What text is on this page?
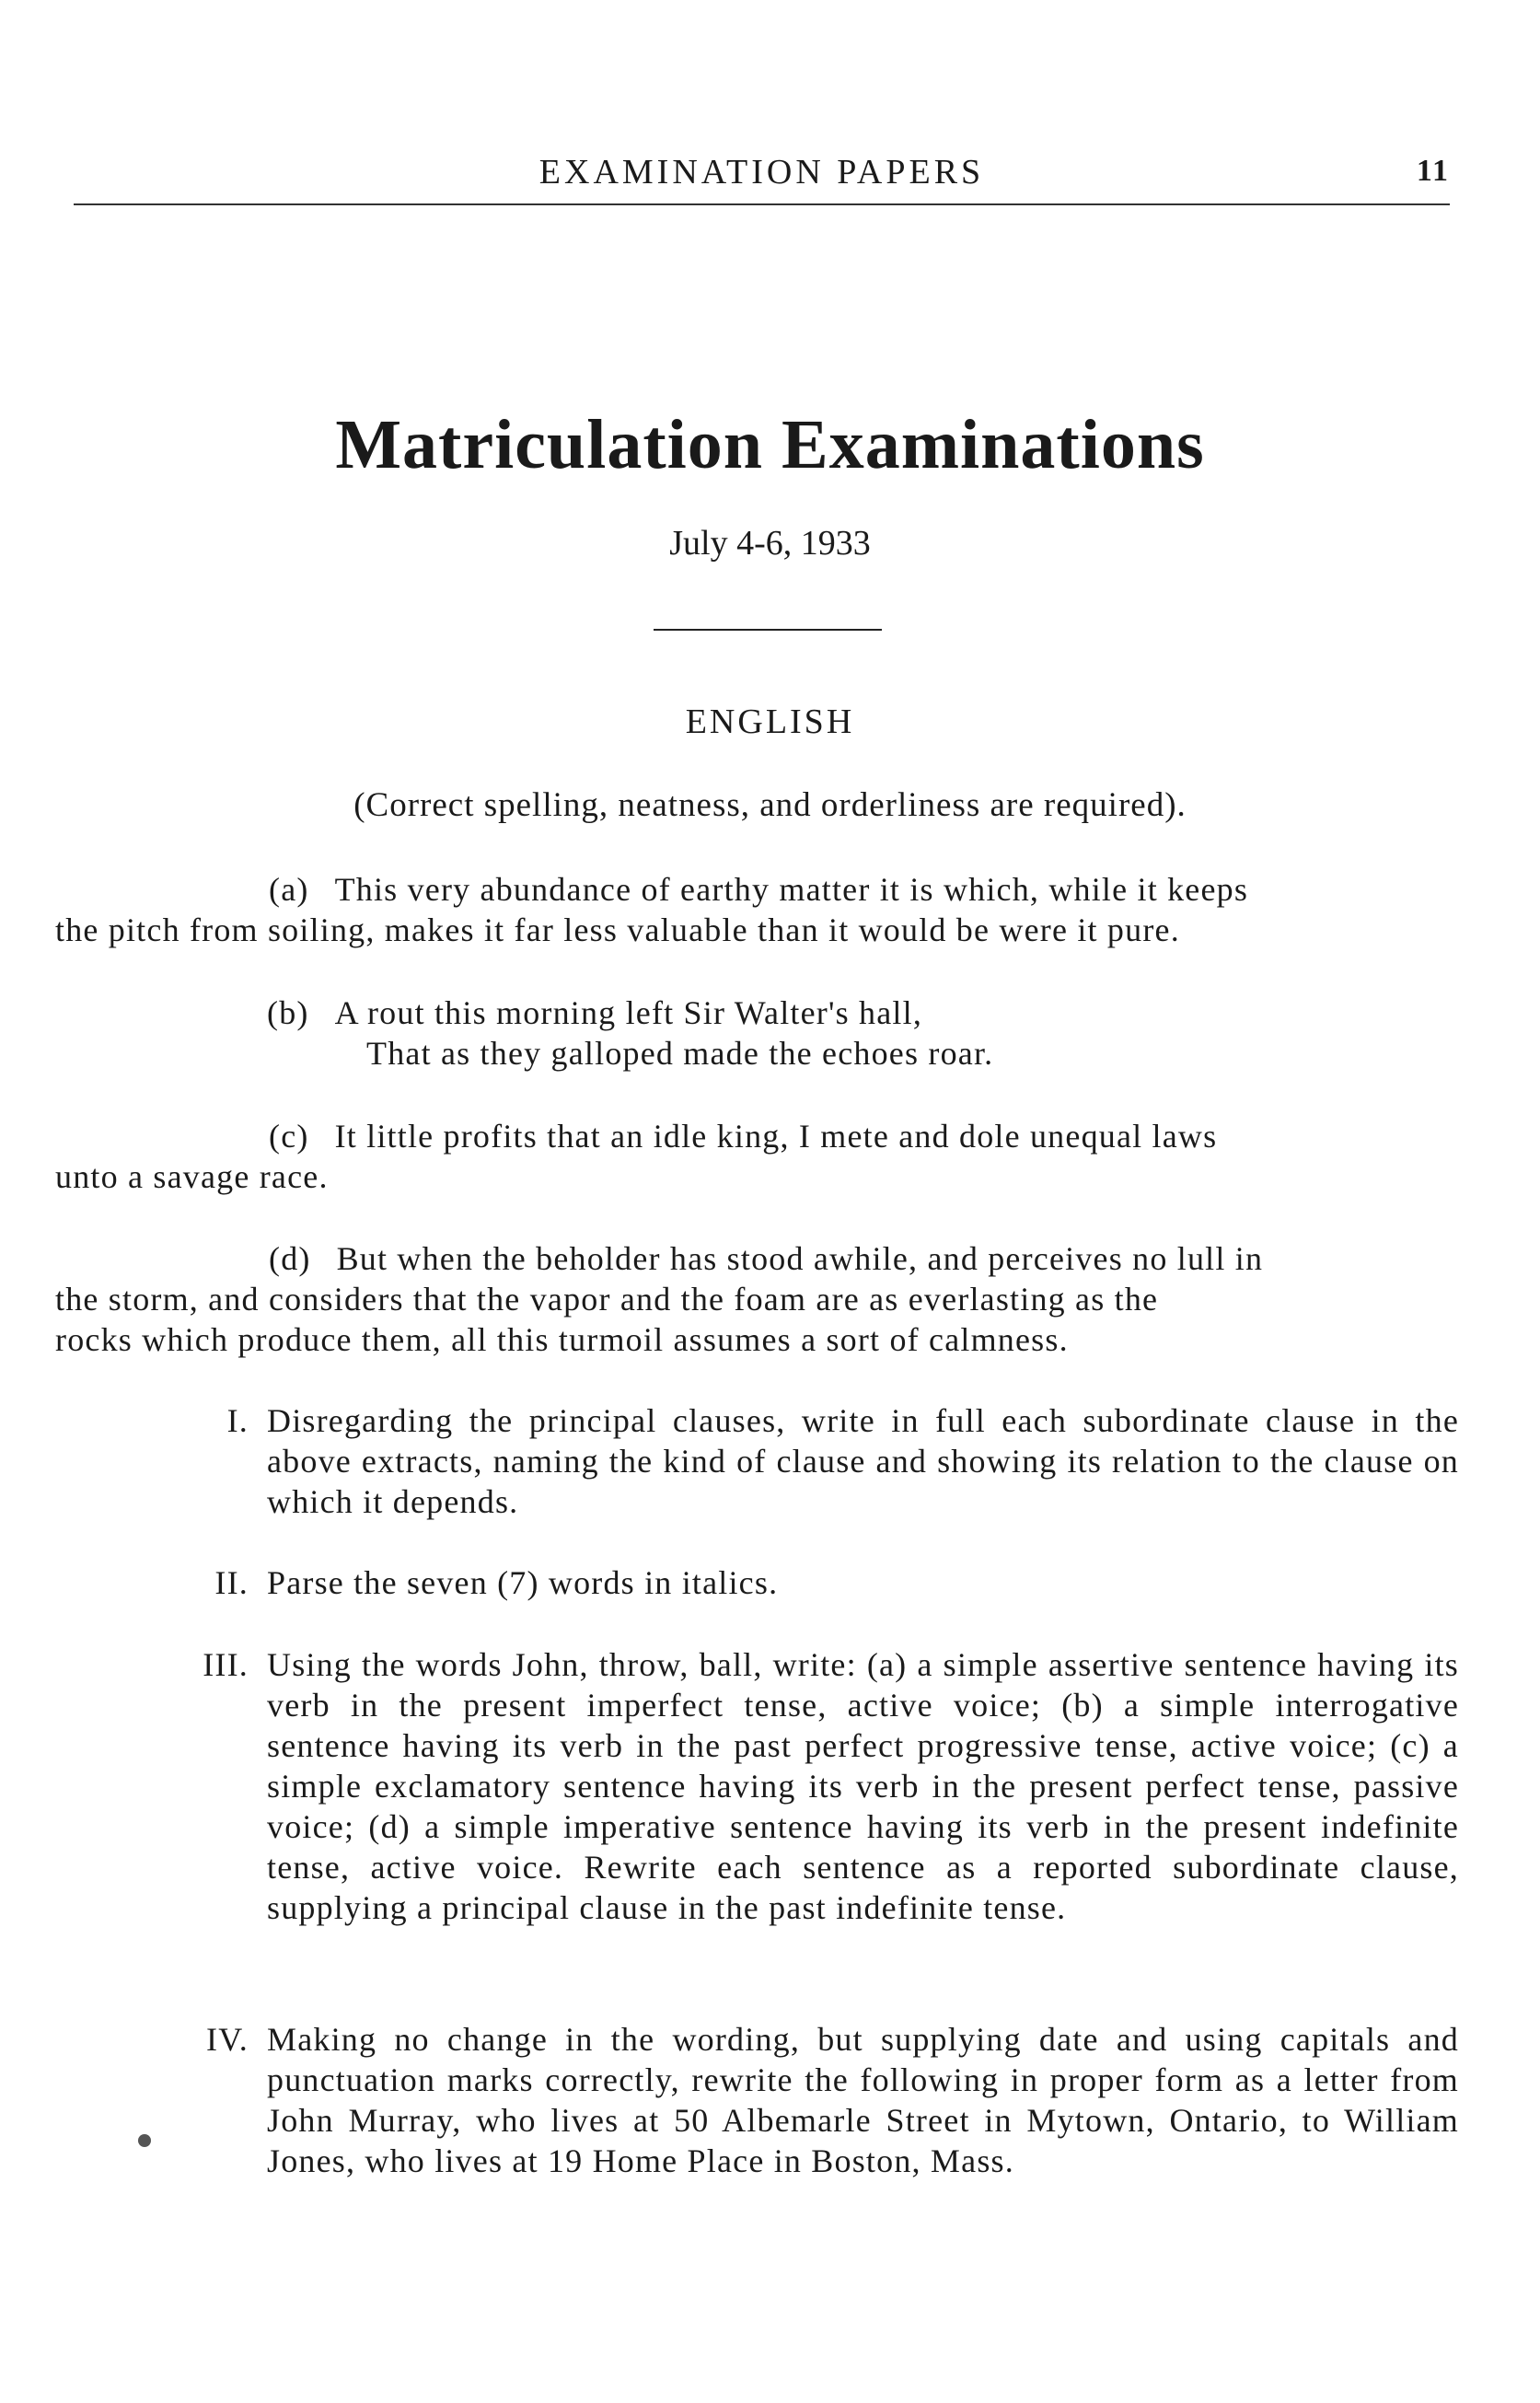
EXAMINATION PAPERS	11
Matriculation Examinations
July 4-6, 1933
ENGLISH
(Correct spelling, neatness, and orderliness are required).
(a) This very abundance of earthy matter it is which, while it keeps
the pitch from soiling, makes it far less valuable than it would be were it pure.
(b) A rout this morning left Sir Walter's hall,
That as they galloped made the echoes roar.
(c) It little profits that an idle king, I mete and dole unequal laws
unto a savage race.
(d) But when the beholder has stood awhile, and perceives no lull in
the storm, and considers that the vapor and the foam are as everlasting as the
rocks which produce them, all this turmoil assumes a sort of calmness.
I. Disregarding the principal clauses, write in full each subordinate clause in the above extracts, naming the kind of clause and showing its relation to the clause on which it depends.
II. Parse the seven (7) words in italics.
III. Using the words John, throw, ball, write: (a) a simple assertive sentence having its verb in the present imperfect tense, active voice; (b) a simple interrogative sentence having its verb in the past perfect progressive tense, active voice; (c) a simple exclamatory sentence having its verb in the present perfect tense, passive voice; (d) a simple imperative sentence having its verb in the present indefinite tense, active voice. Rewrite each sentence as a reported subordinate clause, supplying a principal clause in the past indefinite tense.
IV. Making no change in the wording, but supplying date and using capitals and punctuation marks correctly, rewrite the following in proper form as a letter from John Murray, who lives at 50 Albemarle Street in Mytown, Ontario, to William Jones, who lives at 19 Home Place in Boston, Mass.
